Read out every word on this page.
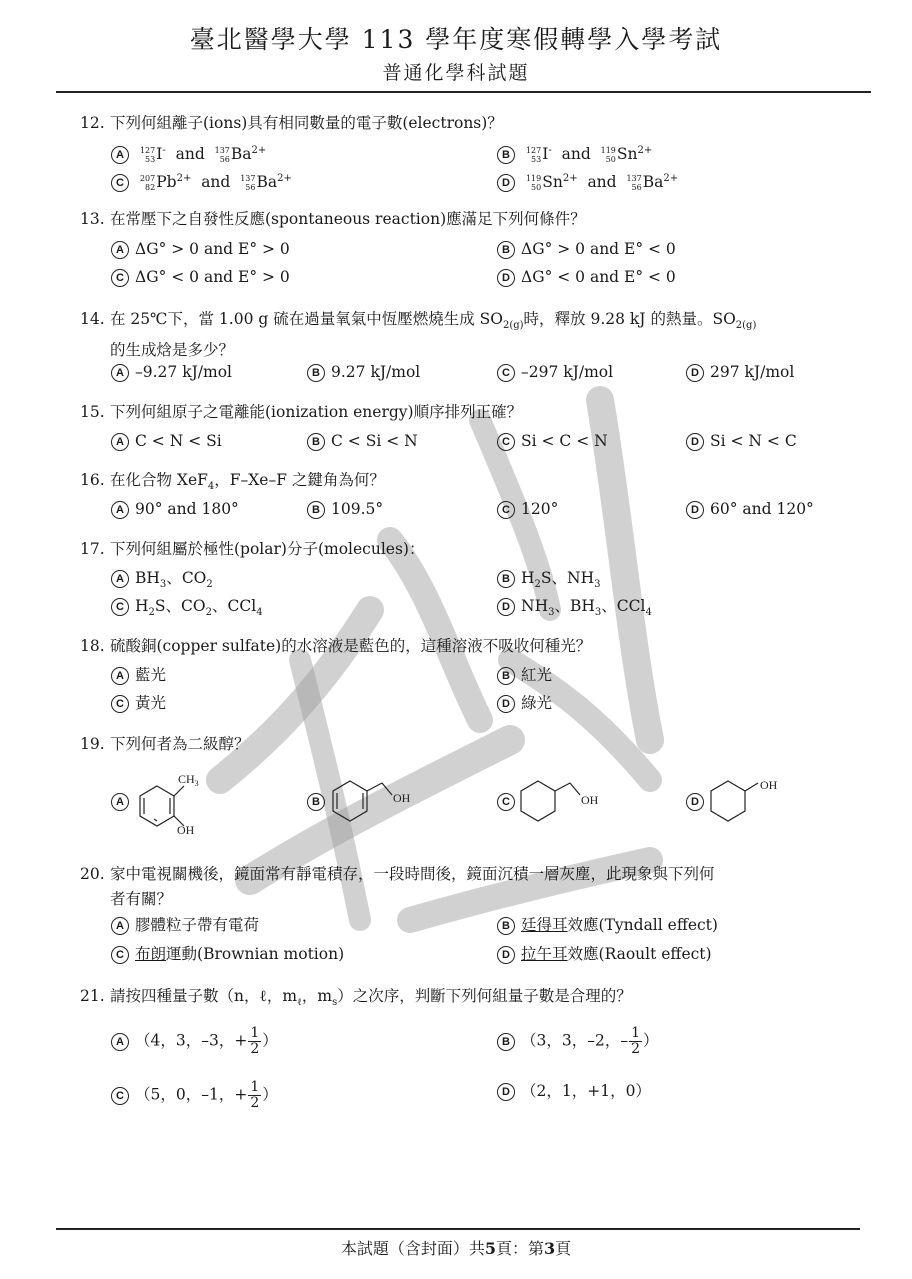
臺北醫學大學 113 學年度寒假轉學入學考試
普通化學科試題
12. 下列何組離子(ions)具有相同數量的電子數(electrons)？
A 127
53 I- and 137
56 $Ba^{2+}$	B 127
53 I- and 119
50 $Sn^{2+}$
C 207
82 $Pb^{2+}$ and 137
56 $Ba^{2+}$	D 119
50 $Sn^{2+}$ and 137
56 $Ba^{2+}$
13. 在常壓下之自發性反應(spontaneous reaction)應滿足下列何條件？
A ΔG° > 0 and E° > 0	B ΔG° > 0 and E° < 0
C ΔG° < 0 and E° > 0	D ΔG° < 0 and E° < 0
14. 在 25℃下，當 1.00 g 硫在過量氧氣中恆壓燃燒生成 $SO_{2(g)}$時，釋放 9.28 kJ 的熱量。$SO_{2(g)}$
的生成焓是多少？
A –9.27 kJ/mol	B 9.27 kJ/mol	C –297 kJ/mol	D 297 kJ/mol
15. 下列何組原子之電離能(ionization energy)順序排列正確？
A C < N < Si	B C < Si < N	C Si < C < N	D Si < N < C
16. 在化合物 XeF$_4$，F–Xe–F 之鍵角為何？
A 90° and 180°	B 109.5°	C 120°	D 60° and 120°
17. 下列何組屬於極性(polar)分子(molecules)：
A $BH_3$、$CO_2$	B $H_2S$、$NH_3$
C $H_2S$、$CO_2$、CCl$_4$	D $NH_3$、$BH_3$、CCl$_4$
18. 硫酸銅(copper sulfate)的水溶液是藍色的，這種溶液不吸收何種光？
A 藍光	B 紅光
C 黃光	D 綠光
19. 下列何者為二級醇？
A	B	C	D
$CH_3$
OH
OH	OH
OH
20. 家中電視關機後，鏡面常有靜電積存，一段時間後，鏡面沉積一層灰塵，此現象與下列何
者有關？
A 膠體粒子帶有電荷	B 廷得耳效應(Tyndall effect)
C 布朗運動(Brownian motion)	D 拉午耳效應(Raoult effect)
21. 請按四種量子數（n，ℓ，$m_\ell$，$m_s$）之次序，判斷下列何組量子數是合理的？
A （4，3，–3，+ $\frac{1}{2}$ ）	B （3，3，–2，– $\frac{1}{2}$ ）
C （5，0，–1，+ $\frac{1}{2}$ ）	D （2，1，+1，0）
本試題（含封面）共5頁：第3頁
